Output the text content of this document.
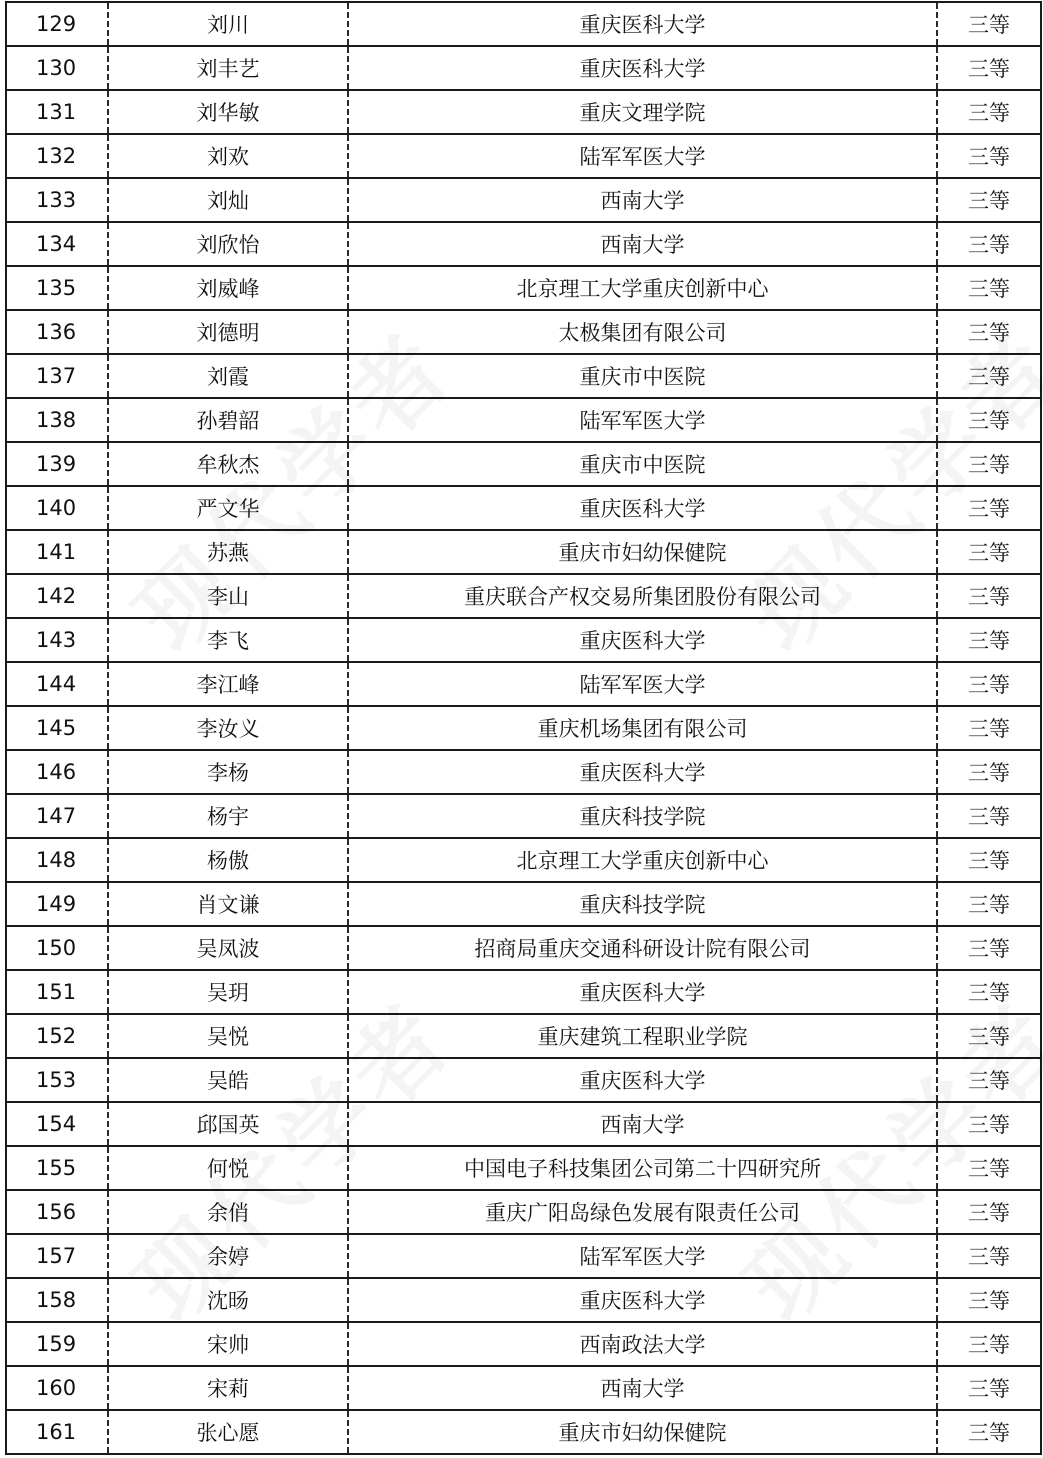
129	刘川	重庆医科大学	三等
130	刘丰艺	重庆医科大学	三等
131	刘华敏	重庆文理学院	三等
132	刘欢	陆军军医大学	三等
133	刘灿	西南大学	三等
134	刘欣怡	西南大学	三等
135	刘威峰	北京理工大学重庆创新中心	三等
136	刘德明	太极集团有限公司	三等
137	刘霞	重庆市中医院	三等
138	孙碧韶	陆军军医大学	三等
139	牟秋杰	重庆市中医院	三等
140	严文华	重庆医科大学	三等
141	苏燕	重庆市妇幼保健院	三等
142	李山	重庆联合产权交易所集团股份有限公司	三等
143	李飞	重庆医科大学	三等
144	李江峰	陆军军医大学	三等
145	李汝义	重庆机场集团有限公司	三等
146	李杨	重庆医科大学	三等
147	杨宇	重庆科技学院	三等
148	杨傲	北京理工大学重庆创新中心	三等
149	肖文谦	重庆科技学院	三等
150	吴凤波	招商局重庆交通科研设计院有限公司	三等
151	吴玥	重庆医科大学	三等
152	吴悦	重庆建筑工程职业学院	三等
153	吴皓	重庆医科大学	三等
154	邱国英	西南大学	三等
155	何悦	中国电子科技集团公司第二十四研究所	三等
156	余俏	重庆广阳岛绿色发展有限责任公司	三等
157	余婷	陆军军医大学	三等
158	沈旸	重庆医科大学	三等
159	宋帅	西南政法大学	三等
160	宋莉	西南大学	三等
161	张心愿	重庆市妇幼保健院	三等
